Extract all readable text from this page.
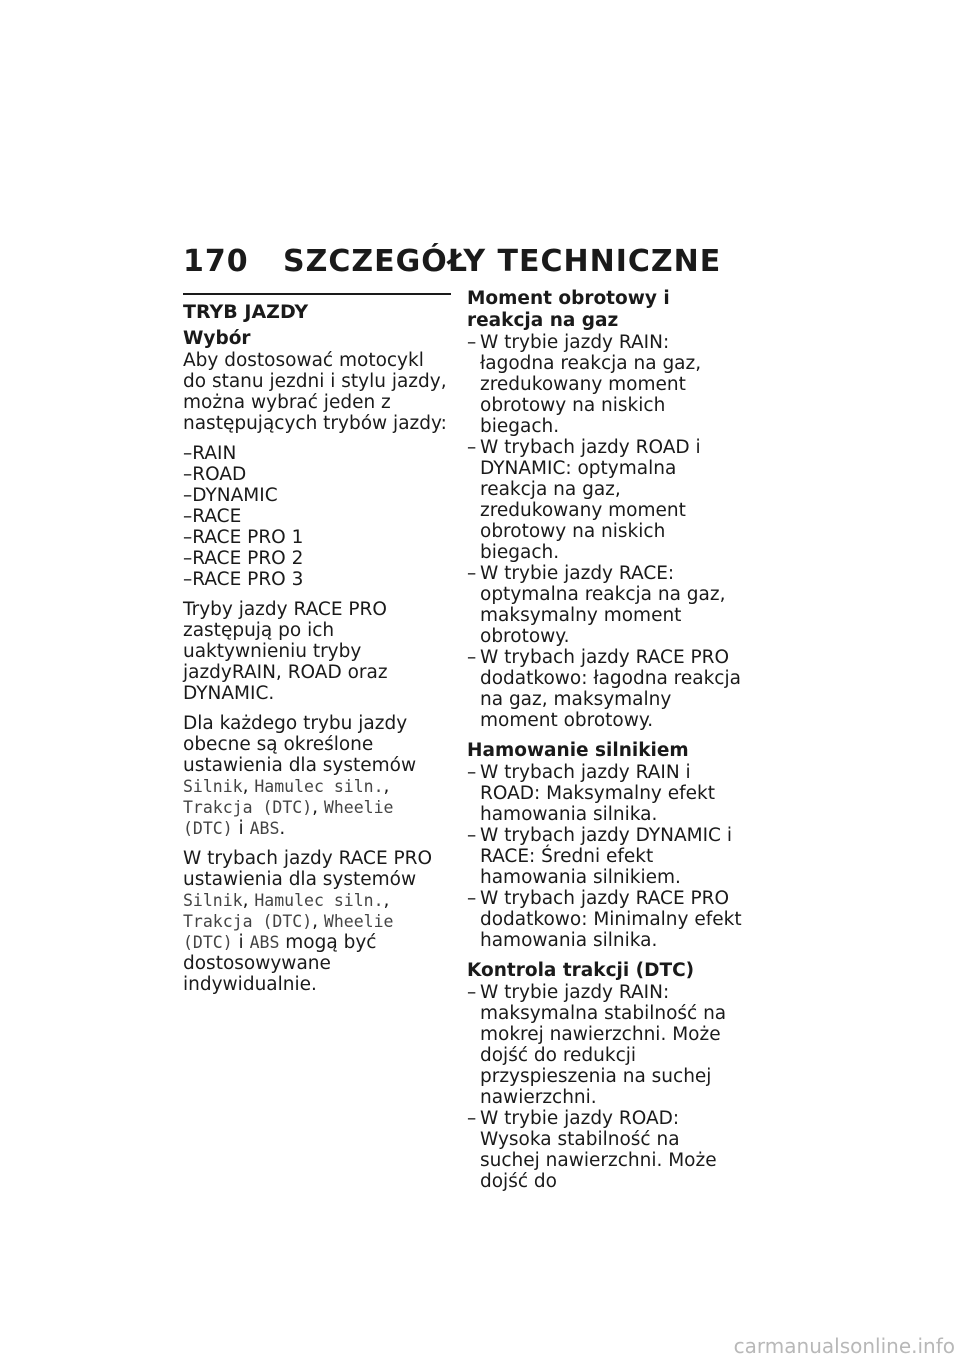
170 SZCZEGÓŁY TECHNICZNE
TRYB JAZDY
Wybór

Aby dostosować motocykl do stanu jezdni i stylu jazdy, można wybrać jeden z następujących trybów jazdy:

–RAIN
–ROAD
–DYNAMIC
–RACE
–RACE PRO 1
–RACE PRO 2
–RACE PRO 3

Tryby jazdy RACE PRO zastępują po ich uaktywnieniu tryby jazdyRAIN, ROAD oraz DYNAMIC.

Dla każdego trybu jazdy obecne są określone ustawienia dla systemów Silnik, Hamulec siln., Trakcja (DTC), Wheelie (DTC) i ABS.

W trybach jazdy RACE PRO ustawienia dla systemów Silnik, Hamulec siln., Trakcja (DTC), Wheelie (DTC) i ABS mogą być dostosowywane indywidualnie.

Moment obrotowy i reakcja na gaz
– W trybie jazdy RAIN: łagodna reakcja na gaz, zredukowany moment obrotowy na niskich biegach.
– W trybach jazdy ROAD i DYNAMIC: optymalna reakcja na gaz, zredukowany moment obrotowy na niskich biegach.
– W trybie jazdy RACE: optymalna reakcja na gaz, maksymalny moment obrotowy.
– W trybach jazdy RACE PRO dodatkowo: łagodna reakcja na gaz, maksymalny moment obrotowy.
Hamowanie silnikiem
– W trybach jazdy RAIN i ROAD: Maksymalny efekt hamowania silnika.
– W trybach jazdy DYNAMIC i RACE: Średni efekt hamowania silnikiem.
– W trybach jazdy RACE PRO dodatkowo: Minimalny efekt hamowania silnika.
Kontrola trakcji (DTC)
– W trybie jazdy RAIN: maksymalna stabilność na mokrej nawierzchni. Może dojść do redukcji przyspieszenia na suchej nawierzchni.
– W trybie jazdy ROAD: Wysoka stabilność na suchej nawierzchni. Może dojść do
carmanualsonline.info
